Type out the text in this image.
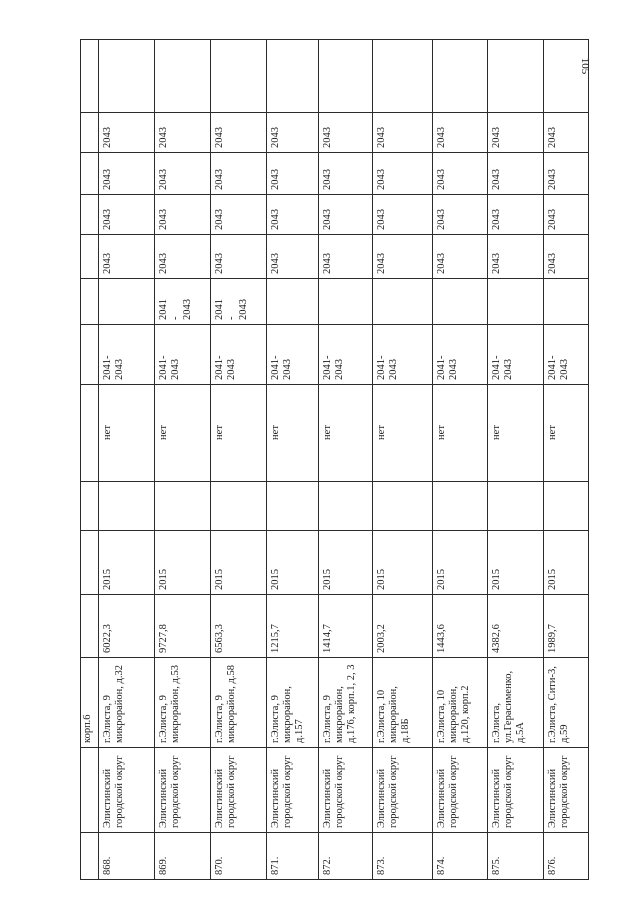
105

		корп.6											

868.	Элистинский
городской округ	г.Элиста, 9
микрорайон, д.32	6022,3	2015		нет	2041-
2043		2043	2043	2043	2043	

869.	Элистинский
городской округ	г.Элиста, 9
микрорайон, д.53	9727,8	2015		нет	2041-
2043	2041
-
2043	2043	2043	2043	2043	

870.	Элистинский
городской округ	г.Элиста, 9
микрорайон, д.58	6563,3	2015		нет	2041-
2043	2041
-
2043	2043	2043	2043	2043	

871.	Элистинский
городской округ	г.Элиста, 9
микрорайон, д.157	1215,7	2015		нет	2041-
2043		2043	2043	2043	2043	

872.	Элистинский
городской округ	г.Элиста, 9
микрорайон,
д.176, корп.1, 2, 3	1414,7	2015		нет	2041-
2043		2043	2043	2043	2043	

873.	Элистинский
городской округ	г.Элиста, 10
микрорайон,
д.18Б	2003,2	2015		нет	2041-
2043		2043	2043	2043	2043	

874.	Элистинский
городской округ	г.Элиста, 10
микрорайон,
д.120, корп.2	1443,6	2015		нет	2041-
2043		2043	2043	2043	2043	

875.	Элистинский
городской округ	г.Элиста,
ул.Герасименко,
д.5А	4382,6	2015		нет	2041-
2043		2043	2043	2043	2043	

876.	Элистинский
городской округ	г.Элиста, Сити-3,
д.59	1989,7	2015		нет	2041-
2043		2043	2043	2043	2043	
